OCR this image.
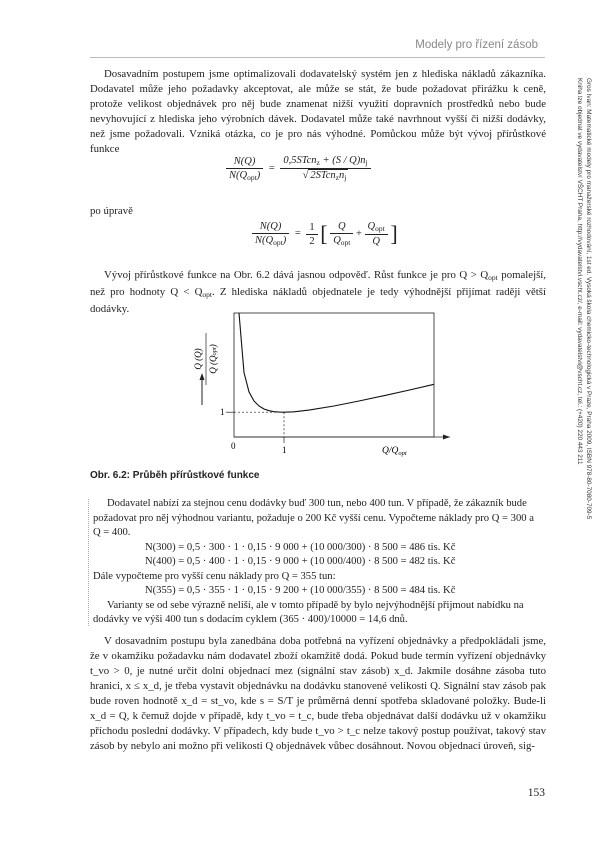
Modely pro řízení zásob
Gros Ivan: Matematické modely pro manažerské rozhodování, 1st ed. Vysoká škola chemicko-technologická v Praze, Praha 2009, ISBN 978-80-7080-709-5
Kniha lze objednat ve vydavatelství VŠCHT Praha, http://vydavatelstvi.vscht.cz/, e-mail: vydavatelstvi@vscht.cz, tel.: (+420) 220 443 211

Dosavadním postupem jsme optimalizovali dodavatelský systém jen z hlediska nákladů zákazníka. Dodavatel může jeho požadavky akceptovat, ale může se stát, že bude požadovat přirážku k ceně, protože velikost objednávek pro něj bude znamenat nižší využití dopravních prostředků nebo bude nevyhovující z hlediska jeho výrobních dávek. Dodavatel může také navrhnout vyšší či nižší dodávky, než jsme požadovali. Vzniká otázka, co je pro nás výhodné. Pomůckou může být vývoj přírůstkové funkce

$\frac{N(Q)}{N(Q_{opt})} = \frac{0,5STcn_z + (S / Q)n_j}{√ 2STcn_zn_j}$

po úpravě

$\frac{N(Q)}{N(Q_{opt})} = \frac{1}{2}$ [ $\frac{Q}{Q_{opt}} + \frac{Q_{opt}}{Q}$ ]

Vývoj přírůstkové funkce na Obr. 6.2 dává jasnou odpověď. Růst funkce je pro $Q > Q_{opt}$ pomalejší, než pro hodnoty $Q < Q_{opt}$. Z hlediska nákladů objednatele je tedy výhodnější přijímat raději větší dodávky.

0	1
1
$Q/Q_{opt}$
Q (Q) Q (Qopt)
Obr. 6.2: Průběh přírůstkové funkce

Dodavatel nabízí za stejnou cenu dodávky buď 300 tun, nebo 400 tun. V případě, že zákazník bude požadovat pro něj výhodnou variantu, požaduje o 200 Kč vyšší cenu. Vypočteme náklady pro Q = 300 a Q = 400.

N(300) = 0,5 · 300 · 1 · 0,15 · 9 000 + (10 000/300) · 8 500 = 486 tis. Kč

N(400) = 0,5 · 400 · 1 · 0,15 · 9 000 + (10 000/400) · 8 500 = 482 tis. Kč

Dále vypočteme pro vyšší cenu náklady pro Q = 355 tun:

N(355) = 0,5 · 355 · 1 · 0,15 · 9 200 + (10 000/355) · 8 500 = 484 tis. Kč

Varianty se od sebe výrazně neliší, ale v tomto případě by bylo nejvýhodnější přijmout nabídku na dodávky ve výši 400 tun s dodacím cyklem (365 · 400)/10000 = 14,6 dnů.

V dosavadním postupu byla zanedbána doba potřebná na vyřízení objednávky a předpokládali jsme, že v okamžiku požadavku nám dodavatel zboží okamžitě dodá. Pokud bude termín vyřízení objednávky t_vo > 0, je nutné určit dolní objednací mez (signální stav zásob) x_d. Jakmile dosáhne zásoba tuto hranici, x ≤ x_d, je třeba vystavit objednávku na dodávku stanovené velikosti Q. Signální stav zásob pak bude roven hodnotě x_d = st_vo, kde s = S/T je průměrná denní spotřeba skladované položky. Bude-li x_d = Q, k čemuž dojde v případě, kdy t_vo = t_c, bude třeba objednávat další dodávku už v okamžiku příchodu poslední dodávky. V případech, kdy bude t_vo > t_c nelze takový postup používat, takový stav zásob by nebylo ani možno při velikosti Q objednávek vůbec dosáhnout. Novou objednací úroveň, sig-

153
